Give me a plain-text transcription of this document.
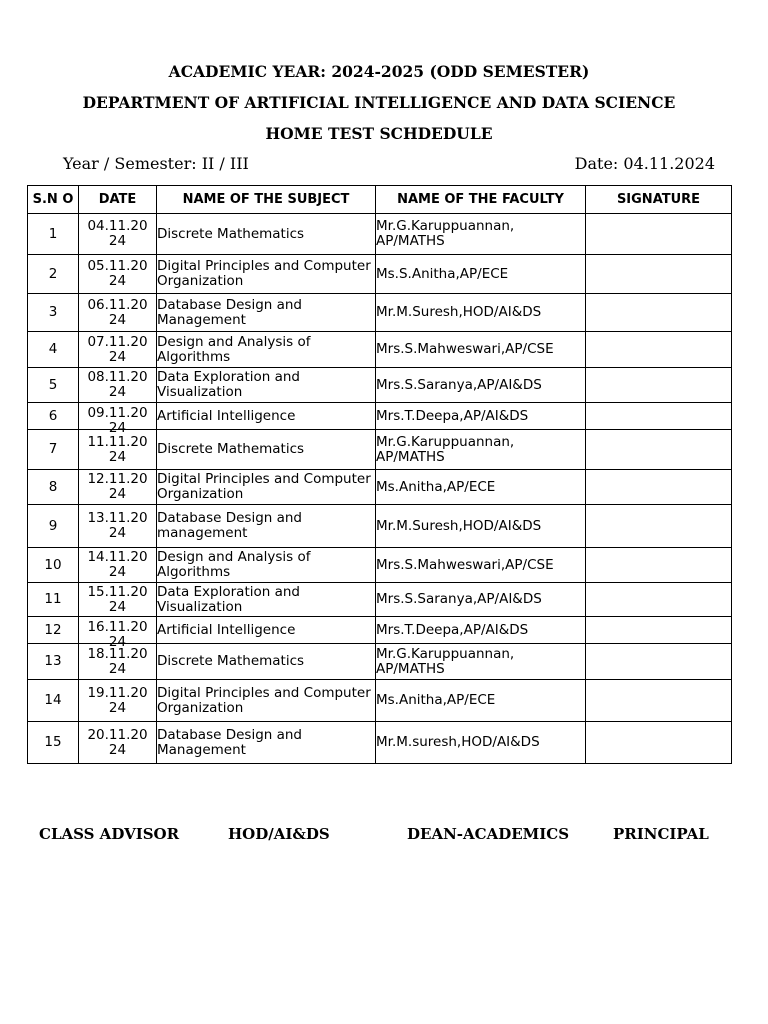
ACADEMIC YEAR: 2024-2025 (ODD SEMESTER)
DEPARTMENT OF ARTIFICIAL INTELLIGENCE AND DATA SCIENCE
HOME TEST SCHDEDULE
Year / Semester: II / III	Date: 04.11.2024
S.N O	DATE	NAME OF THE SUBJECT	NAME OF THE FACULTY	SIGNATURE
1	04.11.2024	Discrete Mathematics	Mr.G.Karuppuannan, AP/MATHS	
2	05.11.2024	Digital Principles and Computer Organization	Ms.S.Anitha,AP/ECE	
3	06.11.2024	Database Design and Management	Mr.M.Suresh,HOD/AI&DS	
4	07.11.2024	Design and Analysis of Algorithms	Mrs.S.Mahweswari,AP/CSE	
5	08.11.2024	Data Exploration and Visualization	Mrs.S.Saranya,AP/AI&DS	
6	09.11.2024	Artificial Intelligence	Mrs.T.Deepa,AP/AI&DS	
7	11.11.2024	Discrete Mathematics	Mr.G.Karuppuannan, AP/MATHS	
8	12.11.2024	Digital Principles and Computer Organization	Ms.Anitha,AP/ECE	
9	13.11.2024	Database Design and management	Mr.M.Suresh,HOD/AI&DS	
10	14.11.2024	Design and Analysis of Algorithms	Mrs.S.Mahweswari,AP/CSE	
11	15.11.2024	Data Exploration and Visualization	Mrs.S.Saranya,AP/AI&DS	
12	16.11.2024	Artificial Intelligence	Mrs.T.Deepa,AP/AI&DS	
13	18.11.2024	Discrete Mathematics	Mr.G.Karuppuannan, AP/MATHS	
14	19.11.2024	Digital Principles and Computer Organization	Ms.Anitha,AP/ECE	
15	20.11.2024	Database Design and Management	Mr.M.suresh,HOD/AI&DS	
CLASS ADVISOR	HOD/AI&DS	DEAN-ACADEMICS	PRINCIPAL
